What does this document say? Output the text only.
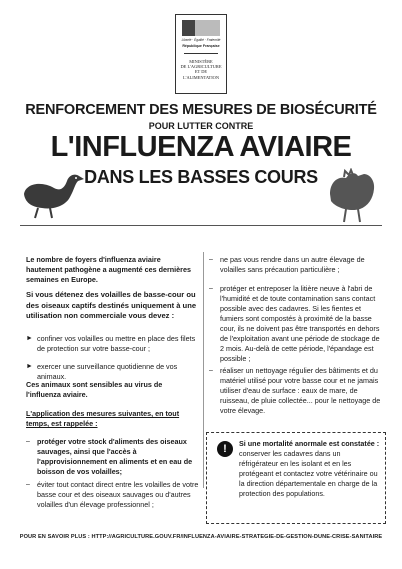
Liberté · Égalité · Fraternité
République Française
MINISTÈRE
DE L'AGRICULTURE
ET DE
L'ALIMENTATION
RENFORCEMENT DES MESURES DE BIOSÉCURITÉ
POUR LUTTER CONTRE
L'INFLUENZA AVIAIRE
DANS LES BASSES COURS

Le nombre de foyers d'influenza aviaire hautement pathogène a augmenté ces dernières semaines en Europe.

Si vous détenez des volailles de basse-cour ou des oiseaux captifs destinés uniquement à une utilisation non commerciale vous devez :

► confiner vos volailles ou mettre en place des filets de protection sur votre basse-cour ;

► exercer une surveillance quotidienne de vos animaux.

Ces animaux sont sensibles au virus de l'influenza aviaire.

L'application des mesures suivantes, en tout temps, est rappelée :

– protéger votre stock d'aliments des oiseaux sauvages, ainsi que l'accès à l'approvisionnement en aliments et en eau de boisson de vos volailles;

– éviter tout contact direct entre les volailles de votre basse cour et des oiseaux sauvages ou d'autres volailles d'un élevage professionnel ;

– ne pas vous rendre dans un autre élevage de volailles sans précaution particulière ;

– protéger et entreposer la litière neuve à l'abri de l'humidité et de toute contamination sans contact possible avec des cadavres. Si les fientes et fumiers sont compostés à proximité de la basse cour, ils ne doivent pas être transportés en dehors de l'exploitation avant une période de stockage de 2 mois. Au-delà de cette période, l'épandage est possible ;

– réaliser un nettoyage régulier des bâtiments et du matériel utilisé pour votre basse cour et ne jamais utiliser d'eau de surface : eaux de mare, de ruisseau, de pluie collectée... pour le nettoyage de votre élevage.

!	Si une mortalité anormale est constatée : conserver les cadavres dans un réfrigérateur en les isolant et en les protégeant et contactez votre vétérinaire ou la direction départementale en charge de la protection des populations.

POUR EN SAVOIR PLUS : HTTP://AGRICULTURE.GOUV.FR/INFLUENZA-AVIAIRE-STRATEGIE-DE-GESTION-DUNE-CRISE-SANITAIRE
